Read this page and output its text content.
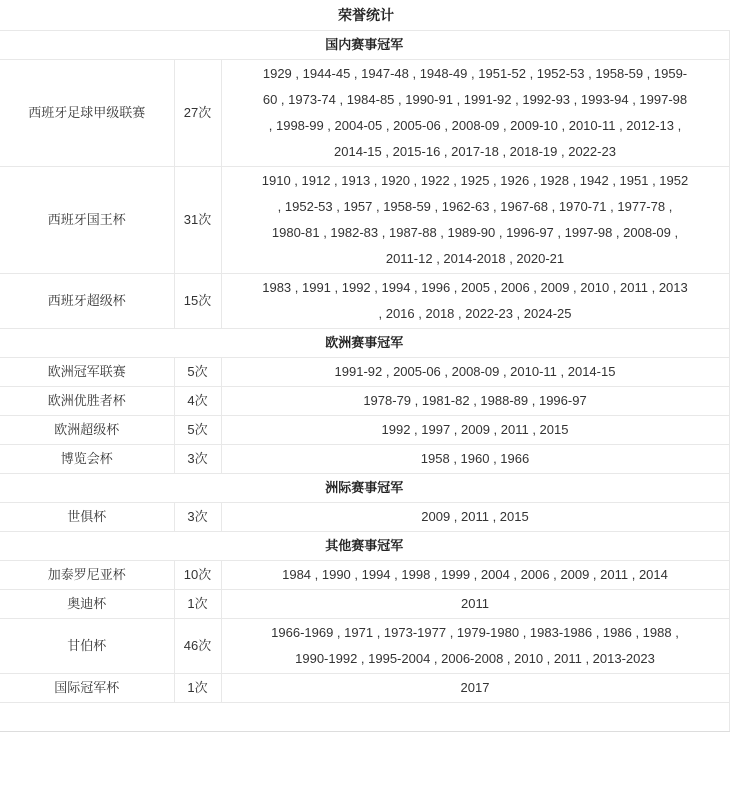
荣誉统计
国内赛事冠军		
西班牙足球甲级联赛	27次	1929 , 1944-45 , 1947-48 , 1948-49 , 1951-52 , 1952-53 , 1958-59 , 1959-60 , 1973-74 , 1984-85 , 1990-91 , 1991-92 , 1992-93 , 1993-94 , 1997-98 , 1998-99 , 2004-05 , 2005-06 , 2008-09 , 2009-10 , 2010-11 , 2012-13 , 2014-15 , 2015-16 , 2017-18 , 2018-19 , 2022-23
西班牙国王杯	31次	1910 , 1912 , 1913 , 1920 , 1922 , 1925 , 1926 , 1928 , 1942 , 1951 , 1952 , 1952-53 , 1957 , 1958-59 , 1962-63 , 1967-68 , 1970-71 , 1977-78 , 1980-81 , 1982-83 , 1987-88 , 1989-90 , 1996-97 , 1997-98 , 2008-09 , 2011-12 , 2014-2018 , 2020-21
西班牙超级杯	15次	1983 , 1991 , 1992 , 1994 , 1996 , 2005 , 2006 , 2009 , 2010 , 2011 , 2013 , 2016 , 2018 , 2022-23 , 2024-25
欧洲赛事冠军		
欧洲冠军联赛	5次	1991-92 , 2005-06 , 2008-09 , 2010-11 , 2014-15
欧洲优胜者杯	4次	1978-79 , 1981-82 , 1988-89 , 1996-97
欧洲超级杯	5次	1992 , 1997 , 2009 , 2011 , 2015
博览会杯	3次	1958 , 1960 , 1966
洲际赛事冠军		
世俱杯	3次	2009 , 2011 , 2015
其他赛事冠军		
加泰罗尼亚杯	10次	1984 , 1990 , 1994 , 1998 , 1999 , 2004 , 2006 , 2009 , 2011 , 2014
奥迪杯	1次	2011
甘伯杯	46次	1966-1969 , 1971 , 1973-1977 , 1979-1980 , 1983-1986 , 1986 , 1988 , 1990-1992 , 1995-2004 , 2006-2008 , 2010 , 2011 , 2013-2023
国际冠军杯	1次	2017
